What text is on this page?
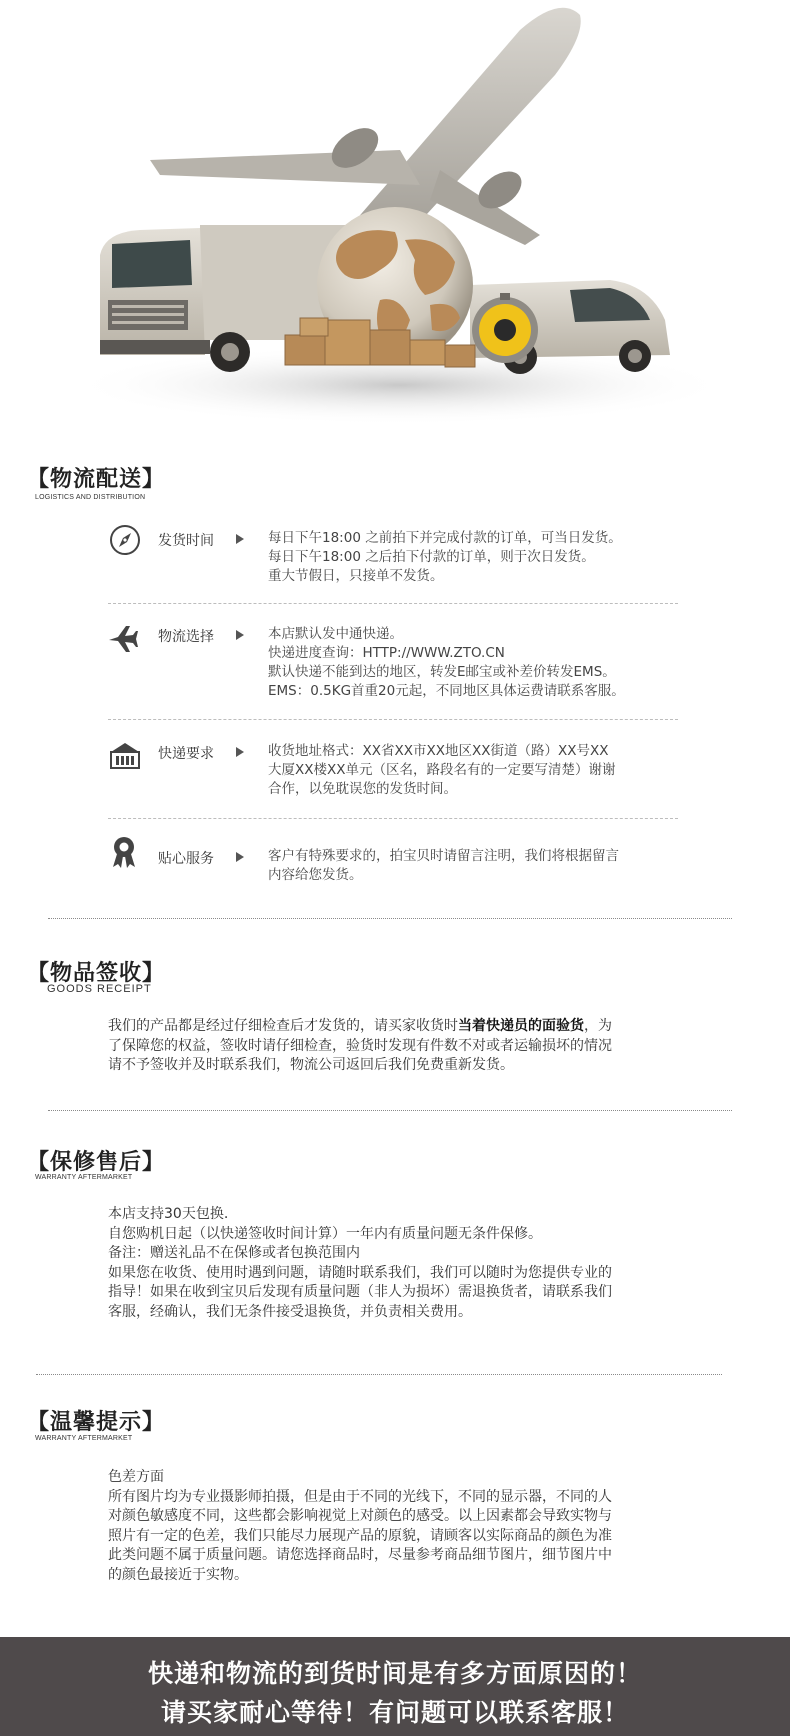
【物流配送】
LOGISTICS AND DISTRIBUTION
发货时间	每日下午18:00 之前拍下并完成付款的订单，可当日发货。
每日下午18:00 之后拍下付款的订单，则于次日发货。
重大节假日，只接单不发货。
物流选择	本店默认发中通快递。
快递进度查询：HTTP://WWW.ZTO.CN
默认快递不能到达的地区，转发E邮宝或补差价转发EMS。
EMS：0.5KG首重20元起，不同地区具体运费请联系客服。
快递要求	收货地址格式：XX省XX市XX地区XX街道（路）XX号XX
大厦XX楼XX单元（区名，路段名有的一定要写清楚）谢谢
合作，以免耽误您的发货时间。
贴心服务	客户有特殊要求的，拍宝贝时请留言注明，我们将根据留言
内容给您发货。
【物品签收】
GOODS RECEIPT
我们的产品都是经过仔细检查后才发货的，请买家收货时当着快递员的面验货，为
了保障您的权益，签收时请仔细检查，验货时发现有件数不对或者运输损坏的情况
请不予签收并及时联系我们，物流公司返回后我们免费重新发货。
【保修售后】
WARRANTY AFTERMARKET
本店支持30天包换.
自您购机日起（以快递签收时间计算）一年内有质量问题无条件保修。
备注：赠送礼品不在保修或者包换范围内
如果您在收货、使用时遇到问题，请随时联系我们，我们可以随时为您提供专业的
指导！如果在收到宝贝后发现有质量问题（非人为损坏）需退换货者，请联系我们
客服，经确认，我们无条件接受退换货，并负责相关费用。
【温馨提示】
WARRANTY AFTERMARKET
色差方面
所有图片均为专业摄影师拍摄，但是由于不同的光线下，不同的显示器，不同的人
对颜色敏感度不同，这些都会影响视觉上对颜色的感受。以上因素都会导致实物与
照片有一定的色差，我们只能尽力展现产品的原貌，请顾客以实际商品的颜色为准
此类问题不属于质量问题。请您选择商品时，尽量参考商品细节图片，细节图片中
的颜色最接近于实物。
快递和物流的到货时间是有多方面原因的！
请买家耐心等待！有问题可以联系客服！
